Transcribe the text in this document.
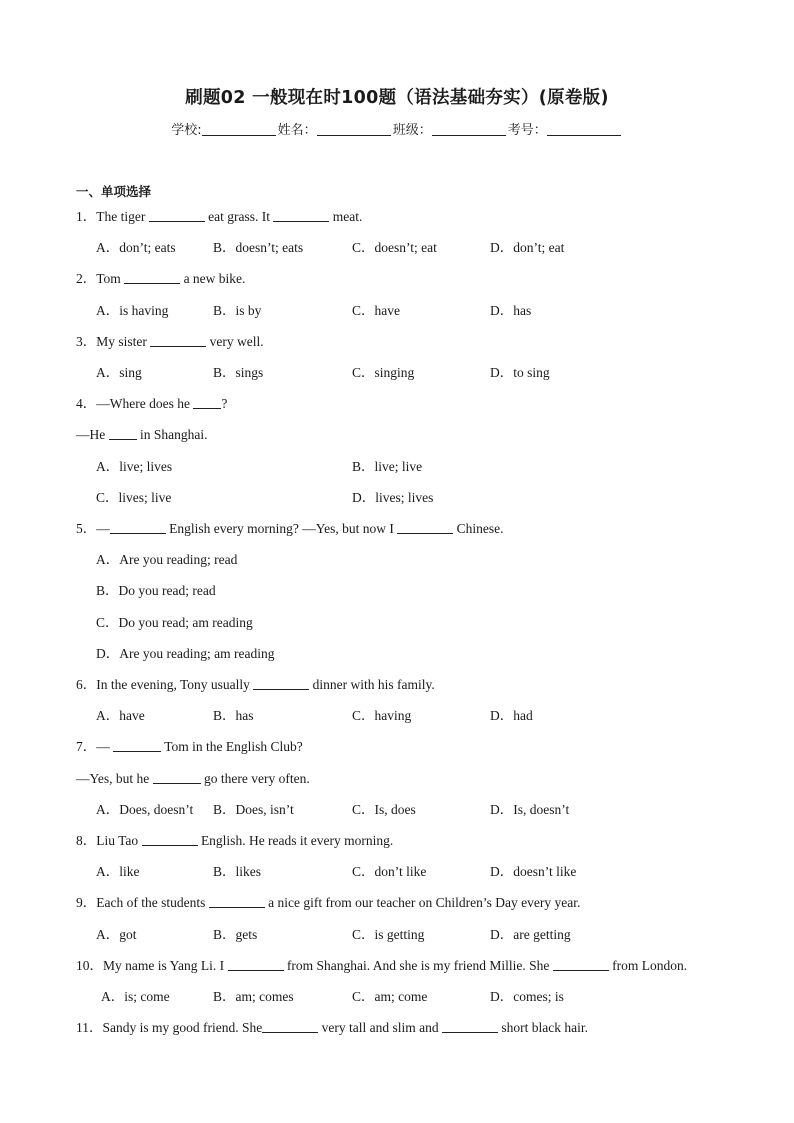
刷题02 一般现在时100题（语法基础夯实）(原卷版)
学校:	姓名：	班级：	考号：
一、单项选择
1．The tiger	eat grass. It	meat.
A．don’t; eats	B．doesn’t; eats	C．doesn’t; eat	D．don’t; eat
2．Tom	a new bike.
A．is having	B．is by	C．have	D．has
3．My sister	very well.
A．sing	B．sings	C．singing	D．to sing
4．—Where does he ?
—He  in Shanghai.
A．live; lives	B．live; live
C．lives; live	D．lives; lives
5．—	English every morning? —Yes, but now I	Chinese.
A．Are you reading; read
B．Do you read; read
C．Do you read; am reading
D．Are you reading; am reading
6．In the evening, Tony usually	dinner with his family.
A．have	B．has	C．having	D．had
7．—	Tom in the English Club?
—Yes, but he	go there very often.
A．Does, doesn’t B．Does, isn’t	C．Is, does	D．Is, doesn’t
8．Liu Tao	English. He reads it every morning.
A．like	B．likes	C．don’t like	D．doesn’t like
9．Each of the students	a nice gift from our teacher on Children’s Day every year.
A．got	B．gets	C．is getting	D．are getting
10．My name is Yang Li. I	from Shanghai. And she is my friend Millie. She	from London.
A．is; come	B．am; comes	C．am; come	D．comes; is
11．Sandy is my good friend. She	very tall and slim and	short black hair.
